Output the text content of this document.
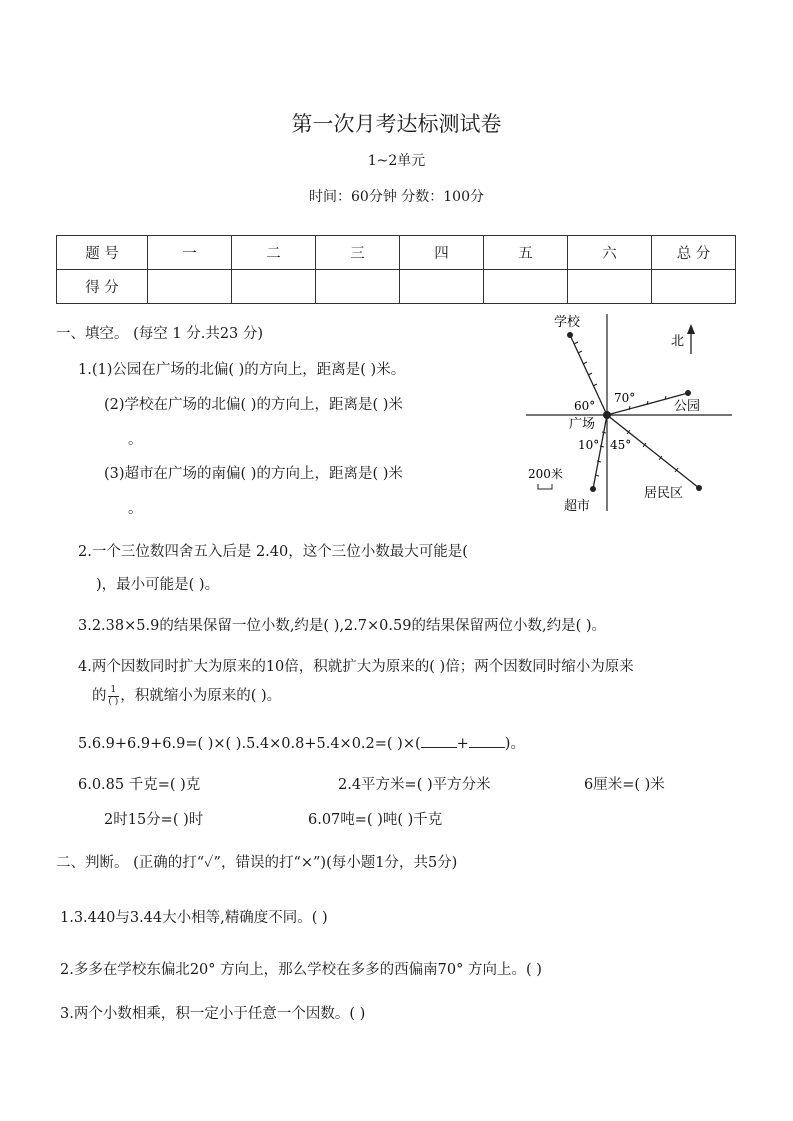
第一次月考达标测试卷
1~2单元
时间：60分钟 分数：100分
题 号	一	二	三	四	五	六	总 分
得 分							
一、填空。 (每空 1 分.共23 分)
1.(1)公园在广场的北偏( )的方向上，距离是( )米。
(2)学校在广场的北偏( )的方向上，距离是( )米
。
(3)超市在广场的南偏( )的方向上，距离是( )米
。
2.一个三位数四舍五入后是 2.40，这个三位小数最大可能是(
)，最小可能是( )。
3.2.38×5.9的结果保留一位小数,约是( ),2.7×0.59的结果保留两位小数,约是( )。
4.两个因数同时扩大为原来的10倍，积就扩大为原来的( )倍；两个因数同时缩小为原来
的 $\frac{1}{( )}$ ，积就缩小为原来的( )。
5.6.9+6.9+6.9=( )×( ).5.4×0.8+5.4×0.2=( )×( + )。
6.0.85 千克=( )克	2.4平方米=( )平方分米	6厘米=( )米
2时15分=( )时	6.07吨=( )吨( )千克
二、判断。 (正确的打“✓”，错误的打“×”)(每小题1分，共5分)
1.3.440与3.44大小相等,精确度不同。( )
2.多多在学校东偏北20° 方向上，那么学校在多多的西偏南70° 方向上。( )
3.两个小数相乘，积一定小于任意一个因数。( )
北
学校
公园
超市
居民区
广场
60°
70°
10° 45°
200米
